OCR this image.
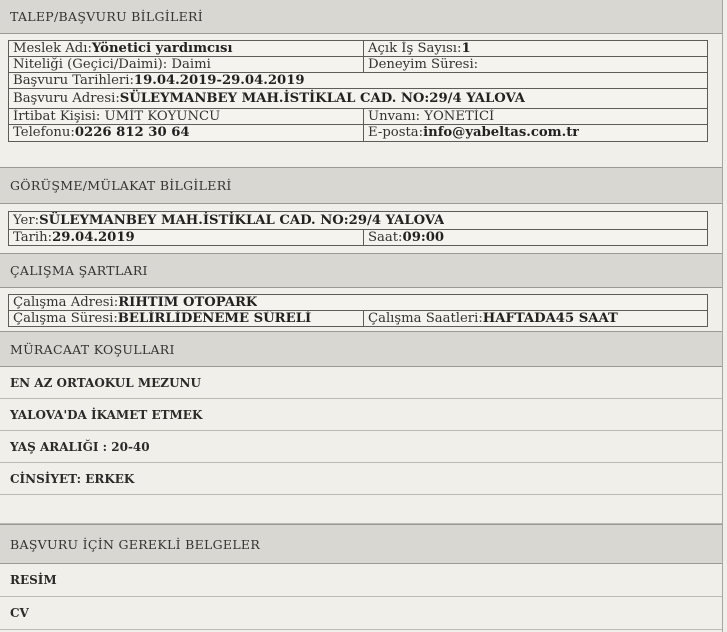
TALEP/BAŞVURU BİLGİLERİ
Meslek Adı:Yönetici yardımcısı	Açık İş Sayısı:1
Niteliği (Geçici/Daimi): Daimi	Deneyim Süresi:
Başvuru Tarihleri:19.04.2019-29.04.2019
Başvuru Adresi:SÜLEYMANBEY MAH.İSTİKLAL CAD. NO:29/4 YALOVA
İrtibat Kişisi: ÜMİT KOYUNCU	Unvanı: YÖNETİCİ
Telefonu:0226 812 30 64	E-posta:info@yabeltas.com.tr
GÖRÜŞME/MÜLAKAT BİLGİLERİ
Yer:SÜLEYMANBEY MAH.İSTİKLAL CAD. NO:29/4 YALOVA
Tarih:29.04.2019	Saat:09:00
ÇALIŞMA ŞARTLARI
Çalışma Adresi:RIHTIM OTOPARK
Çalışma Süresi:BELİRLİDENEME SÜRELİ	Çalışma Saatleri:HAFTADA45 SAAT
MÜRACAAT KOŞULLARI
EN AZ ORTAOKUL MEZUNU
YALOVA'DA İKAMET ETMEK
YAŞ ARALIĞI : 20-40
CİNSİYET: ERKEK
BAŞVURU İÇİN GEREKLİ BELGELER
RESİM
CV
